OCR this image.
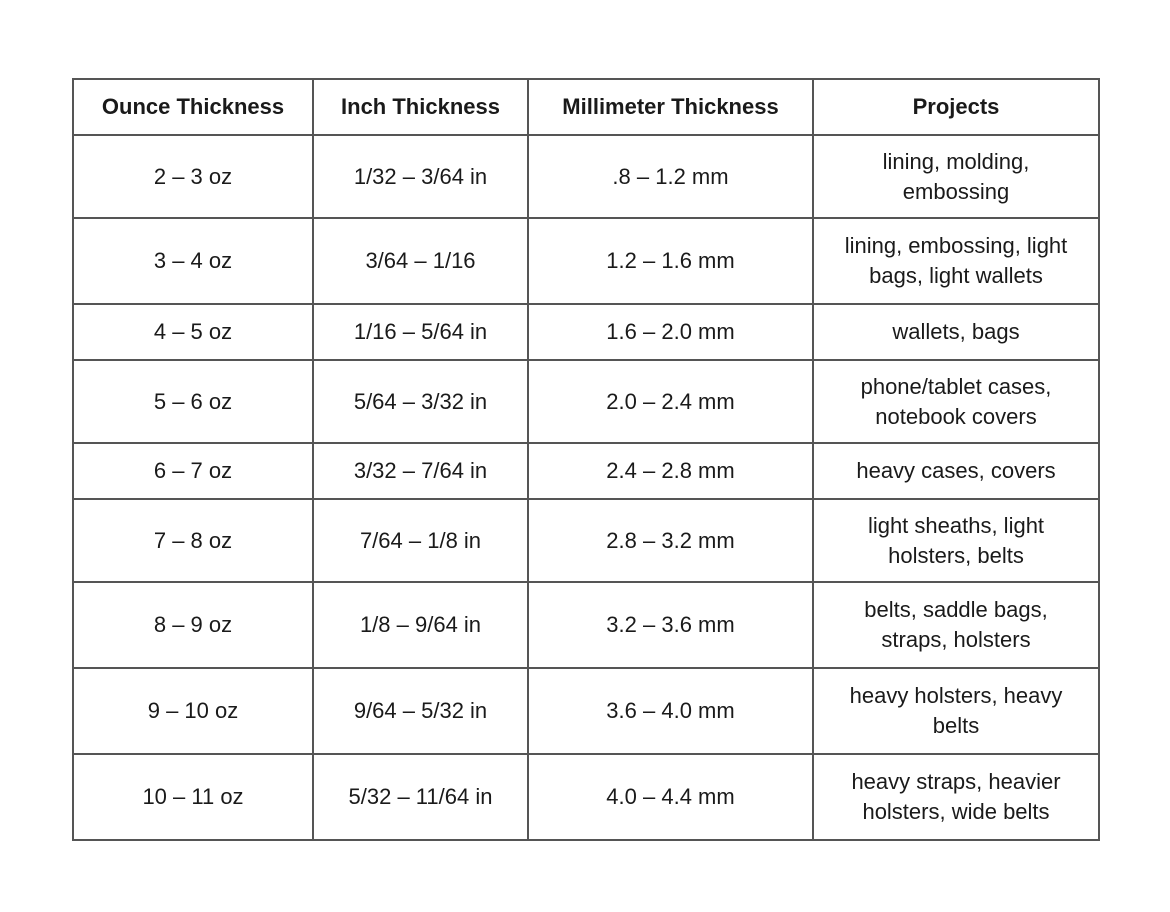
Ounce Thickness	Inch Thickness	Millimeter Thickness	Projects
2 – 3 oz	1/32 – 3/64 in	.8 – 1.2 mm	lining, molding,
embossing
3 – 4 oz	3/64 – 1/16	1.2 – 1.6 mm	lining, embossing, light
bags, light wallets
4 – 5 oz	1/16 – 5/64 in	1.6 – 2.0 mm	wallets, bags
5 – 6 oz	5/64 – 3/32 in	2.0 – 2.4 mm	phone/tablet cases,
notebook covers
6 – 7 oz	3/32 – 7/64 in	2.4 – 2.8 mm	heavy cases, covers
7 – 8 oz	7/64 – 1/8 in	2.8 – 3.2 mm	light sheaths, light
holsters, belts
8 – 9 oz	1/8 – 9/64 in	3.2 – 3.6 mm	belts, saddle bags,
straps, holsters
9 – 10 oz	9/64 – 5/32 in	3.6 – 4.0 mm	heavy holsters, heavy
belts
10 – 11 oz	5/32 – 11/64 in	4.0 – 4.4 mm	heavy straps, heavier
holsters, wide belts
